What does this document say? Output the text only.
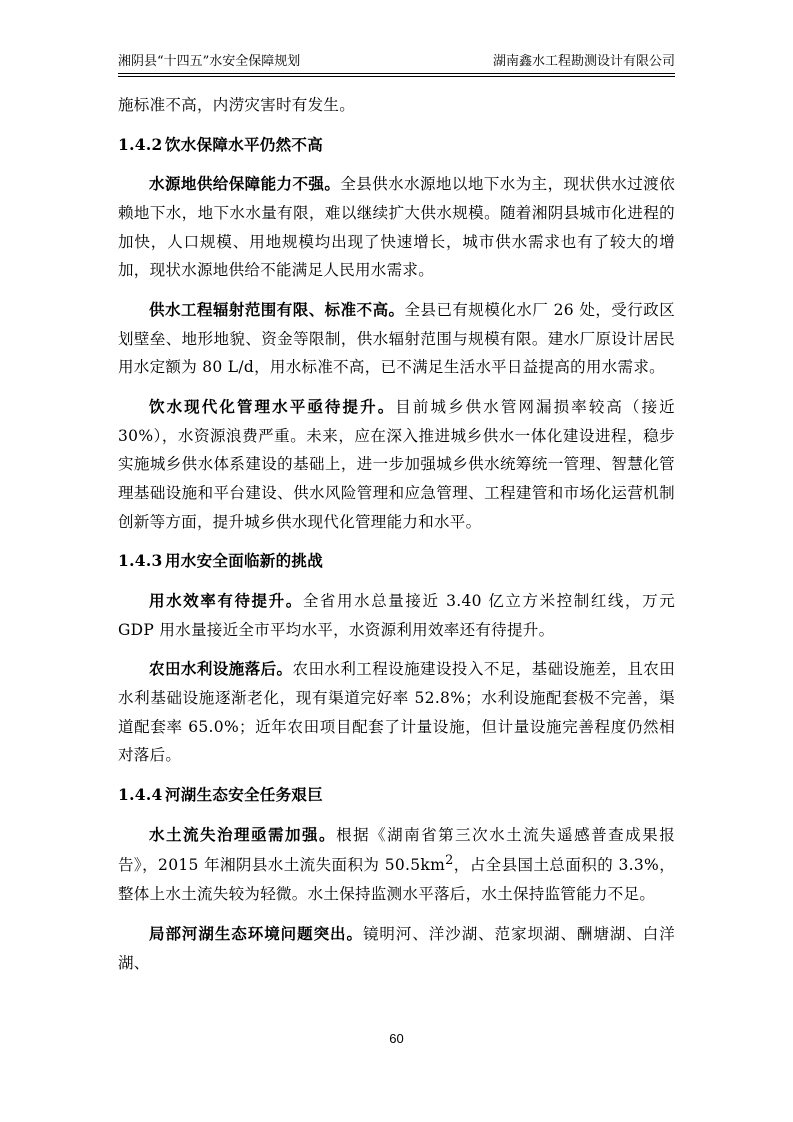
湘阴县“十四五”水安全保障规划	湖南鑫水工程勘测设计有限公司

施标准不高，内涝灾害时有发生。

1.4.2 饮水保障水平仍然不高

水源地供给保障能力不强。全县供水水源地以地下水为主，现状供水过渡依赖地下水，地下水水量有限，难以继续扩大供水规模。随着湘阴县城市化进程的加快，人口规模、用地规模均出现了快速增长，城市供水需求也有了较大的增加，现状水源地供给不能满足人民用水需求。

供水工程辐射范围有限、标准不高。全县已有规模化水厂 26 处，受行政区划壁垒、地形地貌、资金等限制，供水辐射范围与规模有限。建水厂原设计居民用水定额为 80 L/d，用水标准不高，已不满足生活水平日益提高的用水需求。

饮水现代化管理水平亟待提升。目前城乡供水管网漏损率较高（接近 30%），水资源浪费严重。未来，应在深入推进城乡供水一体化建设进程，稳步实施城乡供水体系建设的基础上，进一步加强城乡供水统筹统一管理、智慧化管理基础设施和平台建设、供水风险管理和应急管理、工程建管和市场化运营机制创新等方面，提升城乡供水现代化管理能力和水平。

1.4.3 用水安全面临新的挑战

用水效率有待提升。全省用水总量接近 3.40 亿立方米控制红线，万元 GDP 用水量接近全市平均水平，水资源利用效率还有待提升。

农田水利设施落后。农田水利工程设施建设投入不足，基础设施差，且农田水利基础设施逐渐老化，现有渠道完好率 52.8%；水利设施配套极不完善，渠道配套率 65.0%；近年农田项目配套了计量设施，但计量设施完善程度仍然相对落后。

1.4.4 河湖生态安全任务艰巨

水土流失治理亟需加强。根据《湖南省第三次水土流失遥感普查成果报告》，2015 年湘阴县水土流失面积为 $50.5km^2$，占全县国土总面积的 3.3%，整体上水土流失较为轻微。水土保持监测水平落后，水土保持监管能力不足。

局部河湖生态环境问题突出。镜明河、洋沙湖、范家坝湖、酬塘湖、白洋湖、

60
